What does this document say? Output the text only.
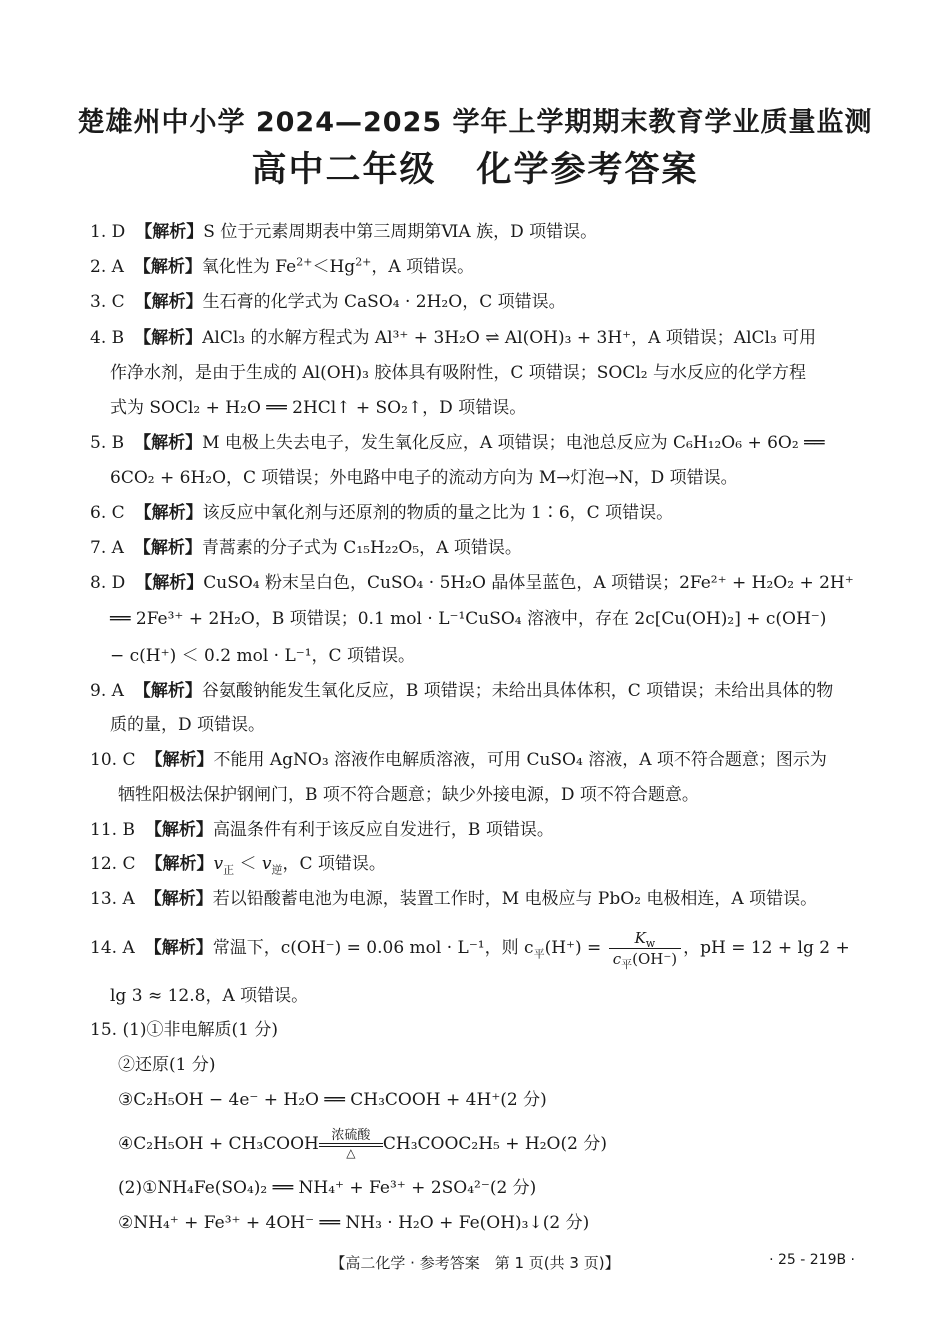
楚雄州中小学 2024—2025 学年上学期期末教育学业质量监测
高中二年级 化学参考答案
1. D 【解析】S 位于元素周期表中第三周期第ⅥA 族，D 项错误。
2. A 【解析】氧化性为 $Fe^{2+}<Hg^{2+}$，A 项错误。
3. C 【解析】生石膏的化学式为 CaSO₄ · 2H₂O，C 项错误。
4. B 【解析】AlCl₃ 的水解方程式为 Al³⁺ + 3H₂O ⇌ Al(OH)₃ + 3H⁺，A 项错误；AlCl₃ 可用
作净水剂，是由于生成的 Al(OH)₃ 胶体具有吸附性，C 项错误；SOCl₂ 与水反应的化学方程
式为 SOCl₂ + H₂O ══ 2HCl↑ + SO₂↑，D 项错误。
5. B 【解析】M 电极上失去电子，发生氧化反应，A 项错误；电池总反应为 C₆H₁₂O₆ + 6O₂ ══
6CO₂ + 6H₂O，C 项错误；外电路中电子的流动方向为 M→灯泡→N，D 项错误。
6. C 【解析】该反应中氧化剂与还原剂的物质的量之比为 1∶6，C 项错误。
7. A 【解析】青蒿素的分子式为 C₁₅H₂₂O₅，A 项错误。
8. D 【解析】CuSO₄ 粉末呈白色，CuSO₄ · 5H₂O 晶体呈蓝色，A 项错误；2Fe²⁺ + H₂O₂ + 2H⁺
══ 2Fe³⁺ + 2H₂O，B 项错误；0.1 mol · L⁻¹CuSO₄ 溶液中，存在 2c[Cu(OH)₂] + c(OH⁻)
− c(H⁺) ＜ 0.2 mol · L⁻¹，C 项错误。
9. A 【解析】谷氨酸钠能发生氧化反应，B 项错误；未给出具体体积，C 项错误；未给出具体的物
质的量，D 项错误。
10. C 【解析】不能用 AgNO₃ 溶液作电解质溶液，可用 CuSO₄ 溶液，A 项不符合题意；图示为
牺牲阳极法保护钢闸门，B 项不符合题意；缺少外接电源，D 项不符合题意。
11. B 【解析】高温条件有利于该反应自发进行，B 项错误。
12. C 【解析】$v_正 < v_逆$，C 项错误。
13. A 【解析】若以铅酸蓄电池为电源，装置工作时，M 电极应与 PbO₂ 电极相连，A 项错误。
14. A 【解析】常温下，c(OH⁻) = 0.06 mol · L⁻¹，则 $c_平(H^+) = \frac{K_w}{c_平(OH^-)}$ ，pH = 12 + lg 2 +
lg 3 ≈ 12.8，A 项错误。
15. (1)①非电解质(1 分)
②还原(1 分)
③C₂H₅OH − 4e⁻ + H₂O ══ CH₃COOH + 4H⁺(2 分)
④C₂H₅OH + CH₃COOH 浓硫酸
△	CH₃COOC₂H₅ + H₂O(2 分)
(2)①NH₄Fe(SO₄)₂ ══ NH₄⁺ + Fe³⁺ + 2SO₄²⁻(2 分)
②NH₄⁺ + Fe³⁺ + 4OH⁻ ══ NH₃ · H₂O + Fe(OH)₃↓(2 分)
【高二化学 · 参考答案　第 1 页(共 3 页)】	· 25 - 219B ·
